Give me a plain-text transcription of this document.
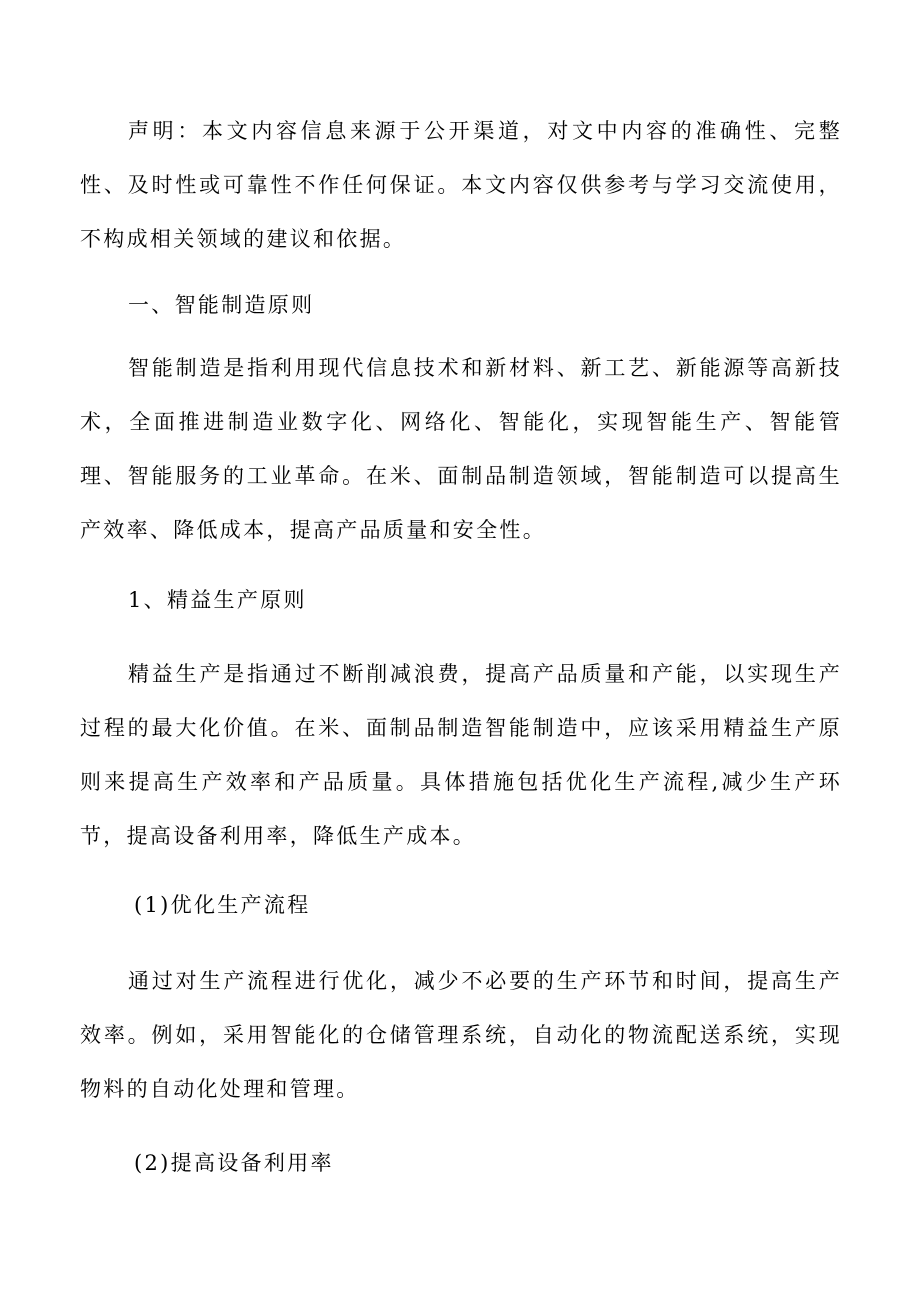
声明：本文内容信息来源于公开渠道，对文中内容的准确性、完整性、及时性或可靠性不作任何保证。本文内容仅供参考与学习交流使用，不构成相关领域的建议和依据。

一、智能制造原则

智能制造是指利用现代信息技术和新材料、新工艺、新能源等高新技术，全面推进制造业数字化、网络化、智能化，实现智能生产、智能管理、智能服务的工业革命。在米、面制品制造领域，智能制造可以提高生产效率、降低成本，提高产品质量和安全性。

1、精益生产原则

精益生产是指通过不断削减浪费，提高产品质量和产能，以实现生产过程的最大化价值。在米、面制品制造智能制造中，应该采用精益生产原则来提高生产效率和产品质量。具体措施包括优化生产流程,减少生产环节，提高设备利用率，降低生产成本。

(1)优化生产流程

通过对生产流程进行优化，减少不必要的生产环节和时间，提高生产效率。例如，采用智能化的仓储管理系统，自动化的物流配送系统，实现物料的自动化处理和管理。

(2)提高设备利用率
